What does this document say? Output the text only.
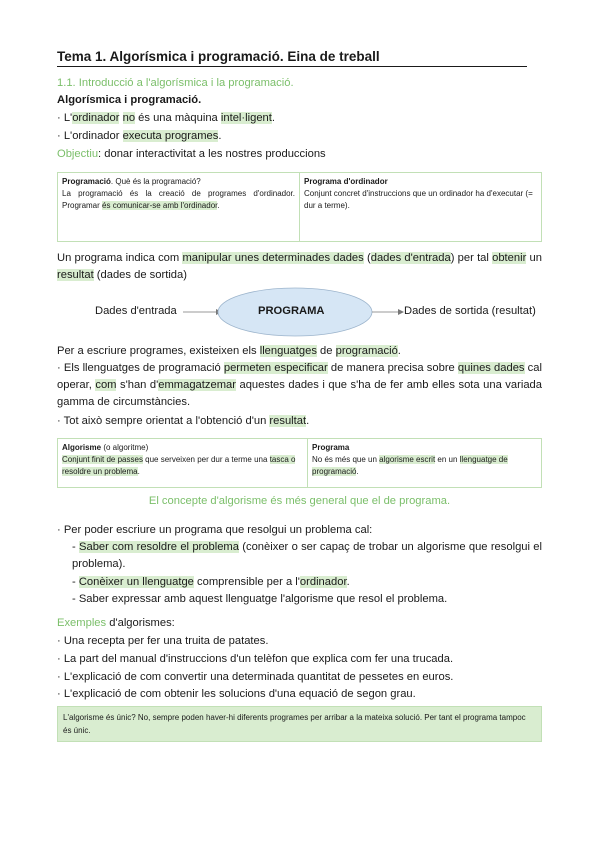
Tema 1. Algorísmica i programació. Eina de treball
1.1. Introducció a l'algorísmica i la programació.
Algorísmica i programació.
· L'ordinador no és una màquina intel·ligent.
· L'ordinador executa programes.
Objectiu: donar interactivitat a les nostres produccions
Programació. Què és la programació?
La programació és la creació de programes d'ordinador. Programar és comunicar-se amb l'ordinador.
Programa d'ordinador
Conjunt concret d'instruccions que un ordinador ha d'executar (= dur a terme).
Un programa indica com manipular unes determinades dades (dades d'entrada) per tal obtenir un resultat (dades de sortida)
Dades d'entrada	PROGRAMA	Dades de sortida (resultat)
Per a escriure programes, existeixen els llenguatges de programació.
· Els llenguatges de programació permeten especificar de manera precisa sobre quines dades cal operar, com s'han d'emmagatzemar aquestes dades i que s'ha de fer amb elles sota una variada gamma de circumstàncies.
· Tot això sempre orientat a l'obtenció d'un resultat.
Algorisme (o algoritme)
Conjunt finit de passes que serveixen per dur a terme una tasca o resoldre un problema.
Programa
No és més que un algorisme escrit en un llenguatge de programació.
El concepte d'algorisme és més general que el de programa.
· Per poder escriure un programa que resolgui un problema cal:
- Saber com resoldre el problema (conèixer o ser capaç de trobar un algorisme que resolgui el problema).
- Conèixer un llenguatge comprensible per a l'ordinador.
- Saber expressar amb aquest llenguatge l'algorisme que resol el problema.
Exemples d'algorismes:
· Una recepta per fer una truita de patates.
· La part del manual d'instruccions d'un telèfon que explica com fer una trucada.
· L'explicació de com convertir una determinada quantitat de pessetes en euros.
· L'explicació de com obtenir les solucions d'una equació de segon grau.
L'algorisme és únic? No, sempre poden haver-hi diferents programes per arribar a la mateixa solució. Per tant el programa tampoc és únic.
